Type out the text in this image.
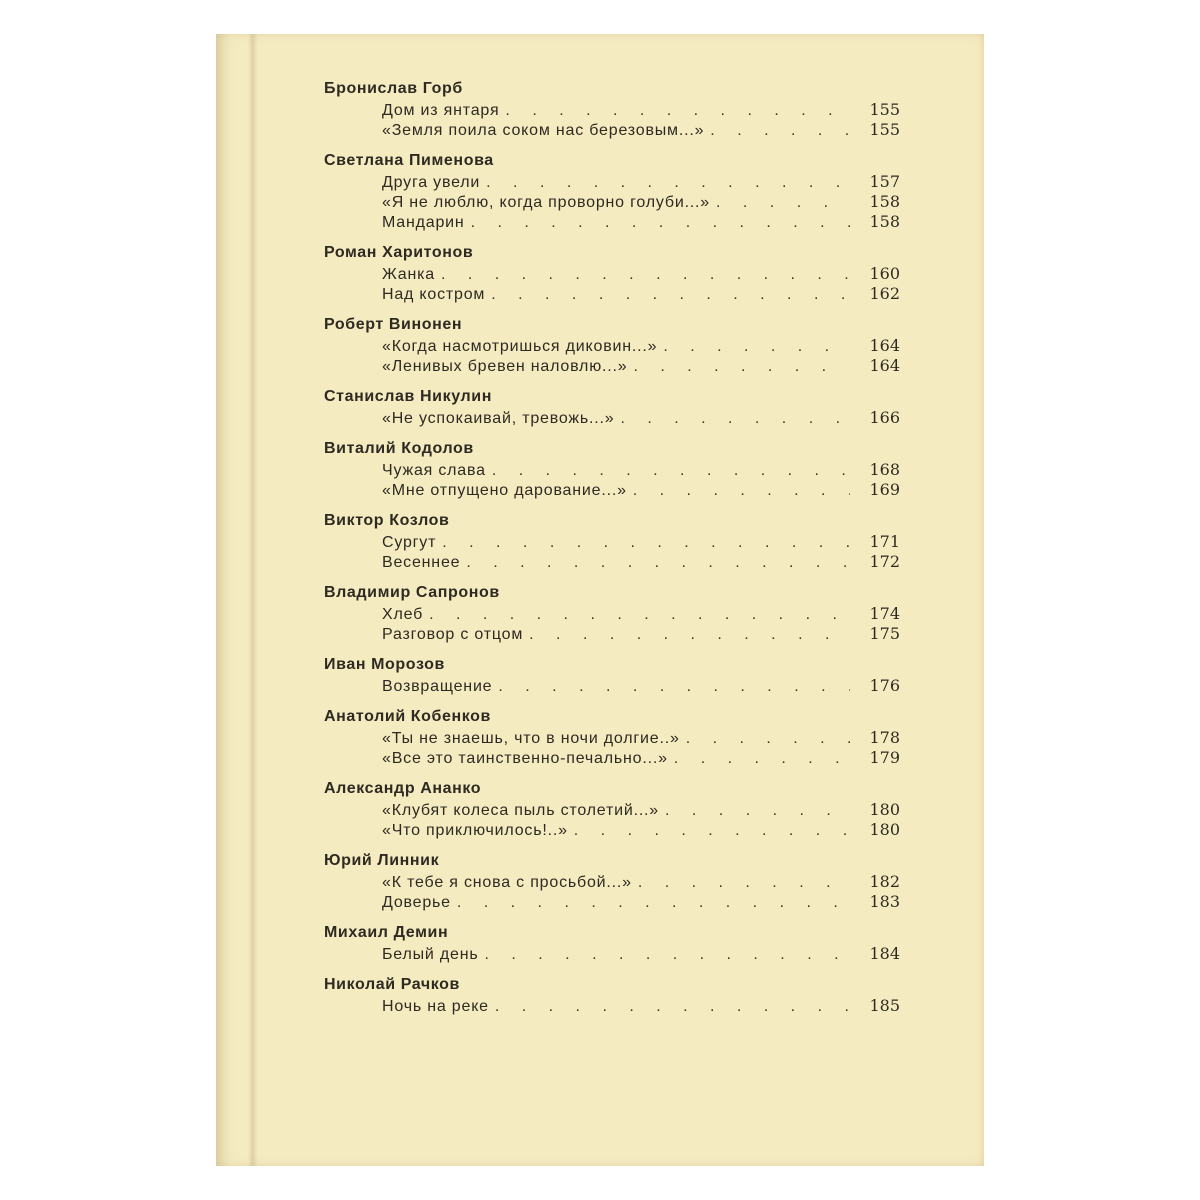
Бронислав Горб
Дом из янтаря . . .	155
«Земля поила соком нас березовым...» . . .	155
Светлана Пименова
Друга увели . . .	157
«Я не люблю, когда проворно голуби...» . . .	158
Мандарин . . .	158
Роман Харитонов
Жанка . . .	160
Над костром . . .	162
Роберт Винонен
«Когда насмотришься диковин...» . . .	164
«Ленивых бревен наловлю...» . . .	164
Станислав Никулин
«Не успокаивай, тревожь...» . . .	166
Виталий Кодолов
Чужая слава . . .	168
«Мне отпущено дарование...» . . .	169
Виктор Козлов
Сургут . . .	171
Весеннее . . .	172
Владимир Сапронов
Хлеб . . .	174
Разговор с отцом . . .	175
Иван Морозов
Возвращение . . .	176
Анатолий Кобенков
«Ты не знаешь, что в ночи долгие..» . . .	178
«Все это таинственно-печально...» . . .	179
Александр Ананко
«Клубят колеса пыль столетий...» . . .	180
«Что приключилось!..» . . .	180
Юрий Линник
«К тебе я снова с просьбой...» . . .	182
Доверье . . .	183
Михаил Демин
Белый день . . .	184
Николай Рачков
Ночь на реке . . .	185
